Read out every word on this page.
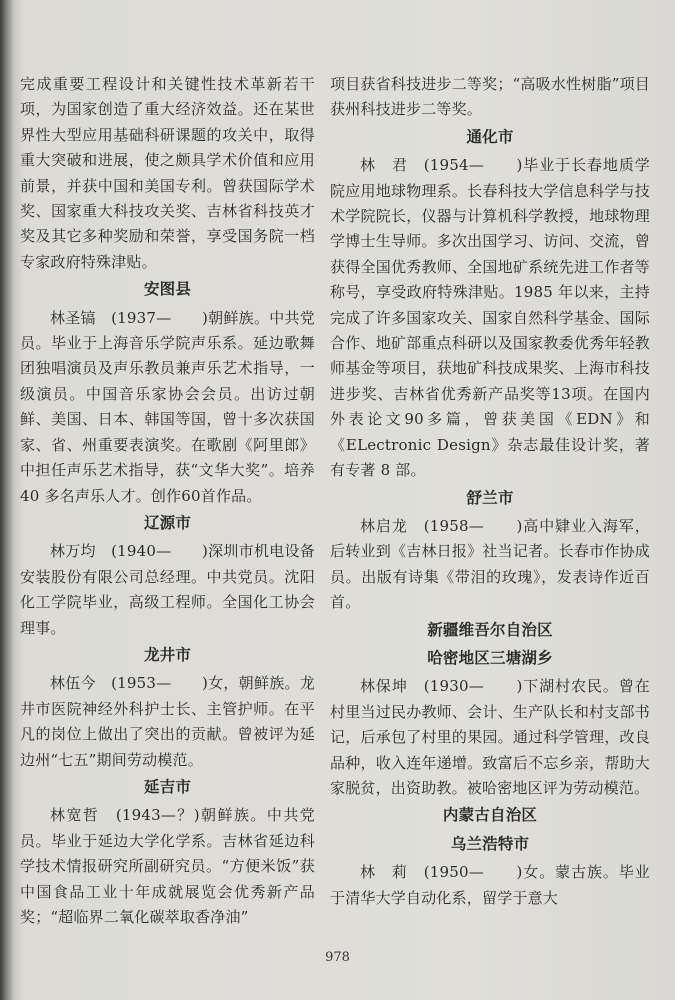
完成重要工程设计和关键性技术革新若干项，为国家创造了重大经济效益。还在某世界性大型应用基础科研课题的攻关中，取得重大突破和进展，使之颇具学术价值和应用前景，并获中国和美国专利。曾获国际学术奖、国家重大科技攻关奖、吉林省科技英才奖及其它多种奖励和荣誉，享受国务院一档专家政府特殊津贴。

安图县

林圣镐　(1937—　　)朝鲜族。中共党员。毕业于上海音乐学院声乐系。延边歌舞团独唱演员及声乐教员兼声乐艺术指导，一级演员。中国音乐家协会会员。出访过朝鲜、美国、日本、韩国等国，曾十多次获国家、省、州重要表演奖。在歌剧《阿里郎》中担任声乐艺术指导，获“文华大奖”。培养 40 多名声乐人才。创作60首作品。

辽源市

林万均　(1940—　　)深圳市机电设备安装股份有限公司总经理。中共党员。沈阳化工学院毕业，高级工程师。全国化工协会理事。

龙井市

林伍今　(1953—　　)女，朝鲜族。龙井市医院神经外科护士长、主管护师。在平凡的岗位上做出了突出的贡献。曾被评为延边州“七五”期间劳动模范。

延吉市

林宽哲　(1943—？)朝鲜族。中共党员。毕业于延边大学化学系。吉林省延边科学技术情报研究所副研究员。“方便米饭”获中国食品工业十年成就展览会优秀新产品奖；“超临界二氧化碳萃取香净油”

项目获省科技进步二等奖；“高吸水性树脂”项目获州科技进步二等奖。

通化市

林　君　(1954—　　)毕业于长春地质学院应用地球物理系。长春科技大学信息科学与技术学院院长，仪器与计算机科学教授，地球物理学博士生导师。多次出国学习、访问、交流，曾获得全国优秀教师、全国地矿系统先进工作者等称号，享受政府特殊津贴。1985 年以来，主持完成了许多国家攻关、国家自然科学基金、国际合作、地矿部重点科研以及国家教委优秀年轻教师基金等项目，获地矿科技成果奖、上海市科技进步奖、吉林省优秀新产品奖等13项。在国内外表论文90多篇，曾获美国《EDN》和《ELectronic Design》杂志最佳设计奖，著有专著 8 部。

舒兰市

林启龙　(1958—　　)高中肄业入海军，后转业到《吉林日报》社当记者。长春市作协成员。出版有诗集《带泪的玫瑰》，发表诗作近百首。

新疆维吾尔自治区
哈密地区三塘湖乡

林保坤　(1930—　　)下湖村农民。曾在村里当过民办教师、会计、生产队长和村支部书记，后承包了村里的果园。通过科学管理，改良品种，收入连年递增。致富后不忘乡亲，帮助大家脱贫，出资助教。被哈密地区评为劳动模范。

内蒙古自治区
乌兰浩特市

林　莉　(1950—　　)女。蒙古族。毕业于清华大学自动化系，留学于意大

978
